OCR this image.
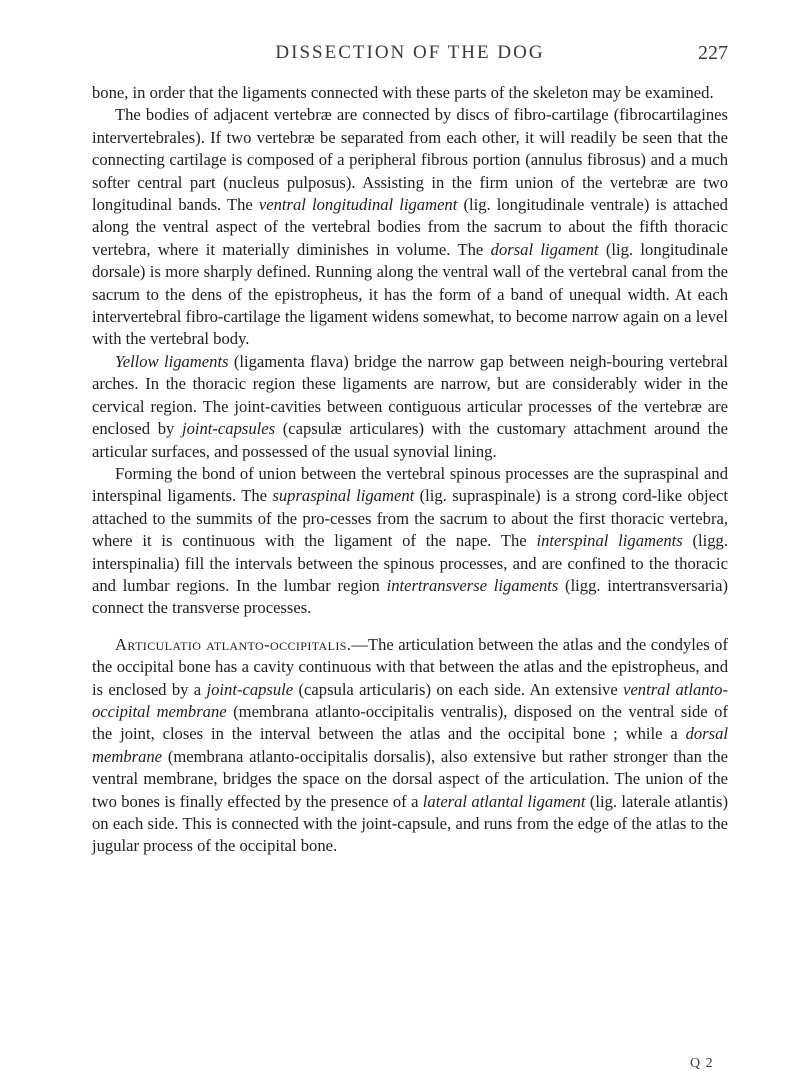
DISSECTION OF THE DOG	227

bone, in order that the ligaments connected with these parts of the skeleton may be examined.

The bodies of adjacent vertebræ are connected by discs of fibro-cartilage (fibrocartilagines intervertebrales). If two vertebræ be separated from each other, it will readily be seen that the connecting cartilage is composed of a peripheral fibrous portion (annulus fibrosus) and a much softer central part (nucleus pulposus). Assisting in the firm union of the vertebræ are two longitudinal bands. The ventral longitudinal ligament (lig. longitudinale ventrale) is attached along the ventral aspect of the vertebral bodies from the sacrum to about the fifth thoracic vertebra, where it materially diminishes in volume. The dorsal ligament (lig. longitudinale dorsale) is more sharply defined. Running along the ventral wall of the vertebral canal from the sacrum to the dens of the epistropheus, it has the form of a band of unequal width. At each intervertebral fibro-cartilage the ligament widens somewhat, to become narrow again on a level with the vertebral body.

Yellow ligaments (ligamenta flava) bridge the narrow gap between neigh-bouring vertebral arches. In the thoracic region these ligaments are narrow, but are considerably wider in the cervical region. The joint-cavities between contiguous articular processes of the vertebræ are enclosed by joint-capsules (capsulæ articulares) with the customary attachment around the articular surfaces, and possessed of the usual synovial lining.

Forming the bond of union between the vertebral spinous processes are the supraspinal and interspinal ligaments. The supraspinal ligament (lig. supraspinale) is a strong cord-like object attached to the summits of the pro-cesses from the sacrum to about the first thoracic vertebra, where it is continuous with the ligament of the nape. The interspinal ligaments (ligg. interspinalia) fill the intervals between the spinous processes, and are confined to the thoracic and lumbar regions. In the lumbar region intertransverse ligaments (ligg. intertransversaria) connect the transverse processes.

Articulatio atlanto-occipitalis.—The articulation between the atlas and the condyles of the occipital bone has a cavity continuous with that between the atlas and the epistropheus, and is enclosed by a joint-capsule (capsula articularis) on each side. An extensive ventral atlanto-occipital membrane (membrana atlanto-occipitalis ventralis), disposed on the ventral side of the joint, closes in the interval between the atlas and the occipital bone ; while a dorsal membrane (membrana atlanto-occipitalis dorsalis), also extensive but rather stronger than the ventral membrane, bridges the space on the dorsal aspect of the articulation. The union of the two bones is finally effected by the presence of a lateral atlantal ligament (lig. laterale atlantis) on each side. This is connected with the joint-capsule, and runs from the edge of the atlas to the jugular process of the occipital bone.

Q 2
